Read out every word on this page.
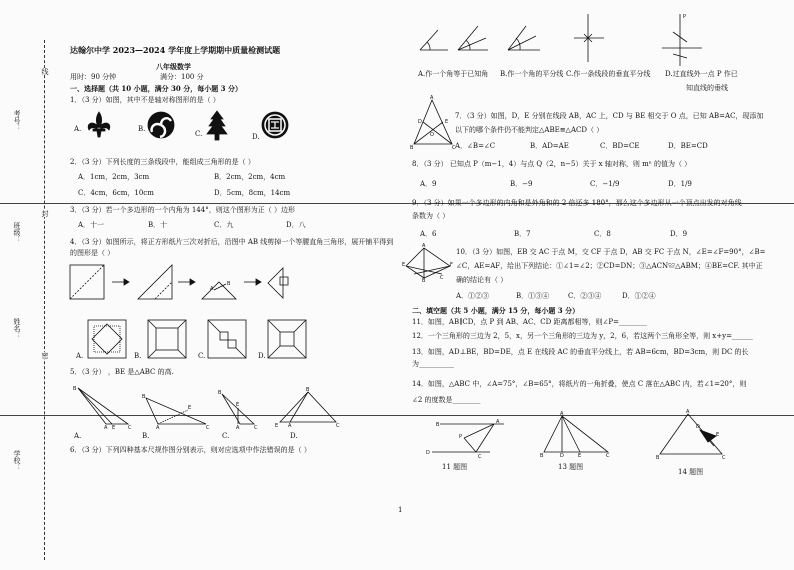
考号：
班级：
姓名：
学校：
线
封
密
达翰尔中学 2023—2024 学年度上学期期中质量检测试题
八年级数学
用时：90 分钟	满分：100 分
一、选择题（共 10 小题，满分 30 分，每小题 3 分）
1．（3 分）如图，其中不是轴对称图形的是（ ）
A.	B.
C.	D.
2．（3 分）下列长度的三条线段中，能组成三角形的是（ ）
A．1cm，2cm，3cm	B．2cm，2cm，4cm
C．4cm，6cm，10cm	D．5cm，8cm，14cm
3．（3 分）若一个多边形的一个内角为 144°，则这个图形为正（ ）边形
A．十一	B．十	C．九	D．八
4．（3 分）如图所示，将正方形纸片三次对折后，沿图中 AB 线剪掉一个等腰直角三角形，展开铺平得到
的图形是（ ）
A
B
A.	B.	C.	D.
5．（3 分） ，BE 是△ABC 的高.
B
A E	C
B
A
E
C
B
E
A	C
B
E A	C
A.	B.	C.	D.
6．（3 分）下列四种基本尺规作图分别表示，则对应选项中作法错误的是（ ）
P
A.作一个角等于已知角 B.作一个角的平分线 C.作一条线段的垂直平分线 D.过直线外一点 P 作已
知直线的垂线
A
D	E
O
B	C
7．（3 分）如图，D，E 分别在线段 AB，AC 上，CD 与 BE 相交于 O 点，已知 AB=AC，现添加
以下的哪个条件仍不能判定△ABE≌△ACD（ ）
A．∠B=∠C	B．AD=AE	C．BD=CE	D．BE=CD
8．（3 分） 已知点 P（m−1，4）与点 Q（2，n−5）关于 x 轴对称，则 mⁿ 的值为（ ）
A．9	B．−9	C．−1/9	D．1/9
9．（3 分）如果一个多边形的内角和是外角和的 2 倍还多 180°，那么这个多边形从一个顶点出发的对角线
条数为（ ）
A．6	B．7	C．8	D．9
A
E	F
B	C
10．（3 分）如图，EB 交 AC 于点 M，交 CF 于点 D，AB 交 FC 于点 N，∠E=∠F=90°，∠B=
∠C，AE=AF，给出下列结论：①∠1=∠2；②CD=DN；③△ACN≌△ABM；④BE=CF. 其中正
确的结论有（ ）
A．①②③	B．①③④	C．②③④	D．①②④
二、填空题（共 5 小题，满分 15 分，每小题 3 分）
11．如图，AB∥CD，点 P 到 AB、AC、CD 距离都相等，则∠P=________
12．一个三角形的三边为 2，5，x，另一个三角形的三边为 y，2，6，若这两个三角形全等，则 x+y=______
13．如图，AD⊥BE，BD=DE，点 E 在线段 AC 的垂直平分线上，若 AB=6cm，BD=3cm，则 DC 的长
为__________
14．如图，△ABC 中，∠A=75°，∠B=65°，将纸片的一角折叠，使点 C 落在△ABC 内，若∠1=20°，则
∠2 的度数是________
B	A
P
D
C
A
B	D	E	C
A
B	C
D
E
11 题图	13 题图
14 题图
1
